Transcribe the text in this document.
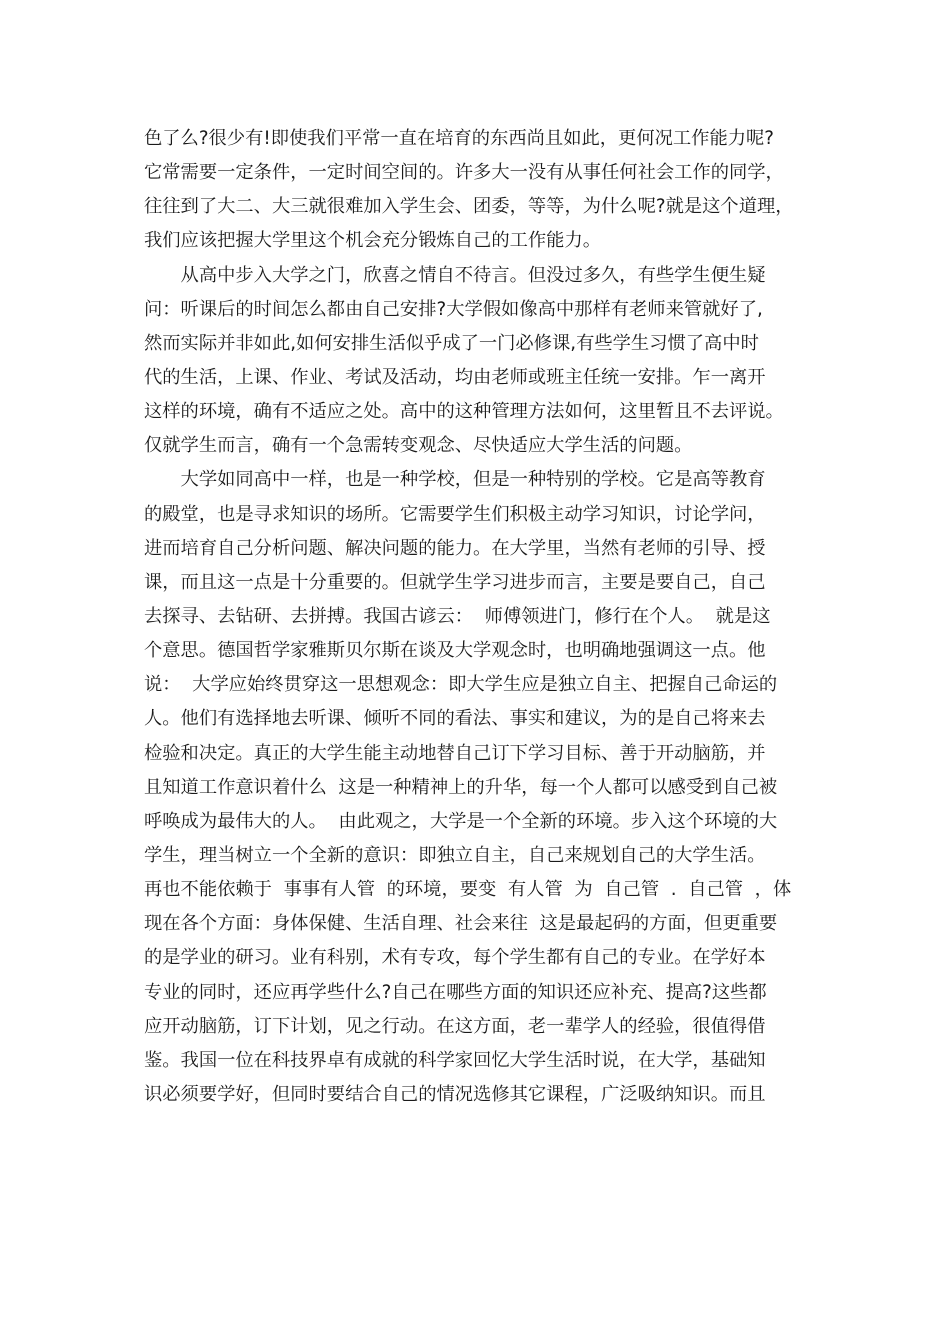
色了么?很少有!即使我们平常一直在培育的东西尚且如此，更何况工作能力呢?
它常需要一定条件，一定时间空间的。许多大一没有从事任何社会工作的同学，
往往到了大二、大三就很难加入学生会、团委，等等，为什么呢?就是这个道理，
我们应该把握大学里这个机会充分锻炼自己的工作能力。
　　从高中步入大学之门，欣喜之情自不待言。但没过多久，有些学生便生疑
问：听课后的时间怎么都由自己安排?大学假如像高中那样有老师来管就好了,
然而实际并非如此,如何安排生活似乎成了一门必修课,有些学生习惯了高中时
代的生活，上课、作业、考试及活动，均由老师或班主任统一安排。乍一离开
这样的环境，确有不适应之处。高中的这种管理方法如何，这里暂且不去评说。
仅就学生而言，确有一个急需转变观念、尽快适应大学生活的问题。
　　大学如同高中一样，也是一种学校，但是一种特别的学校。它是高等教育
的殿堂，也是寻求知识的场所。它需要学生们积极主动学习知识，讨论学问，
进而培育自己分析问题、解决问题的能力。在大学里，当然有老师的引导、授
课，而且这一点是十分重要的。但就学生学习进步而言，主要是要自己，自己
去探寻、去钻研、去拼搏。我国古谚云：  师傅领进门，修行在个人。  就是这
个意思。德国哲学家雅斯贝尔斯在谈及大学观念时，也明确地强调这一点。他
说：  大学应始终贯穿这一思想观念：即大学生应是独立自主、把握自己命运的
人。他们有选择地去听课、倾听不同的看法、事实和建议，为的是自己将来去
检验和决定。真正的大学生能主动地替自己订下学习目标、善于开动脑筋，并
且知道工作意识着什么  这是一种精神上的升华，每一个人都可以感受到自己被
呼唤成为最伟大的人。  由此观之，大学是一个全新的环境。步入这个环境的大
学生，理当树立一个全新的意识：即独立自主，自己来规划自己的大学生活。
再也不能依赖于  事事有人管  的环境，要变  有人管  为  自己管  .  自己管  ，体
现在各个方面：身体保健、生活自理、社会来往  这是最起码的方面，但更重要
的是学业的研习。业有科别，术有专攻，每个学生都有自己的专业。在学好本
专业的同时，还应再学些什么?自己在哪些方面的知识还应补充、提高?这些都
应开动脑筋，订下计划，见之行动。在这方面，老一辈学人的经验，很值得借
鉴。我国一位在科技界卓有成就的科学家回忆大学生活时说，在大学，基础知
识必须要学好，但同时要结合自己的情况选修其它课程，广泛吸纳知识。而且
